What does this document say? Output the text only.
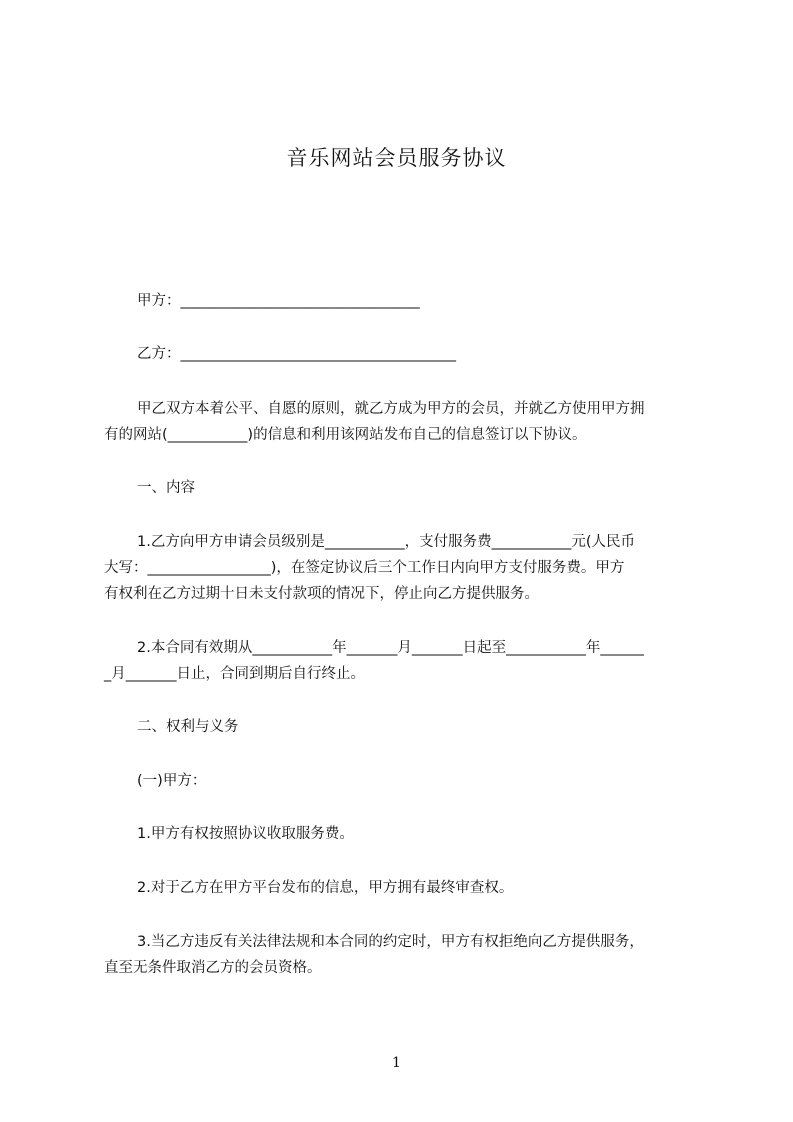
音乐网站会员服务协议
甲方：_________________________________
乙方：______________________________________
甲乙双方本着公平、自愿的原则，就乙方成为甲方的会员，并就乙方使用甲方拥
有的网站(___________)的信息和利用该网站发布自己的信息签订以下协议。
一、内容
1.乙方向甲方申请会员级别是___________，支付服务费___________元(人民币
大写：_________________)，在签定协议后三个工作日内向甲方支付服务费。甲方
有权利在乙方过期十日未支付款项的情况下，停止向乙方提供服务。
2.本合同有效期从___________年_______月_______日起至___________年______
_月_______日止，合同到期后自行终止。
二、权利与义务
(一)甲方：
1.甲方有权按照协议收取服务费。
2.对于乙方在甲方平台发布的信息，甲方拥有最终审查权。
3.当乙方违反有关法律法规和本合同的约定时，甲方有权拒绝向乙方提供服务，
直至无条件取消乙方的会员资格。
1
